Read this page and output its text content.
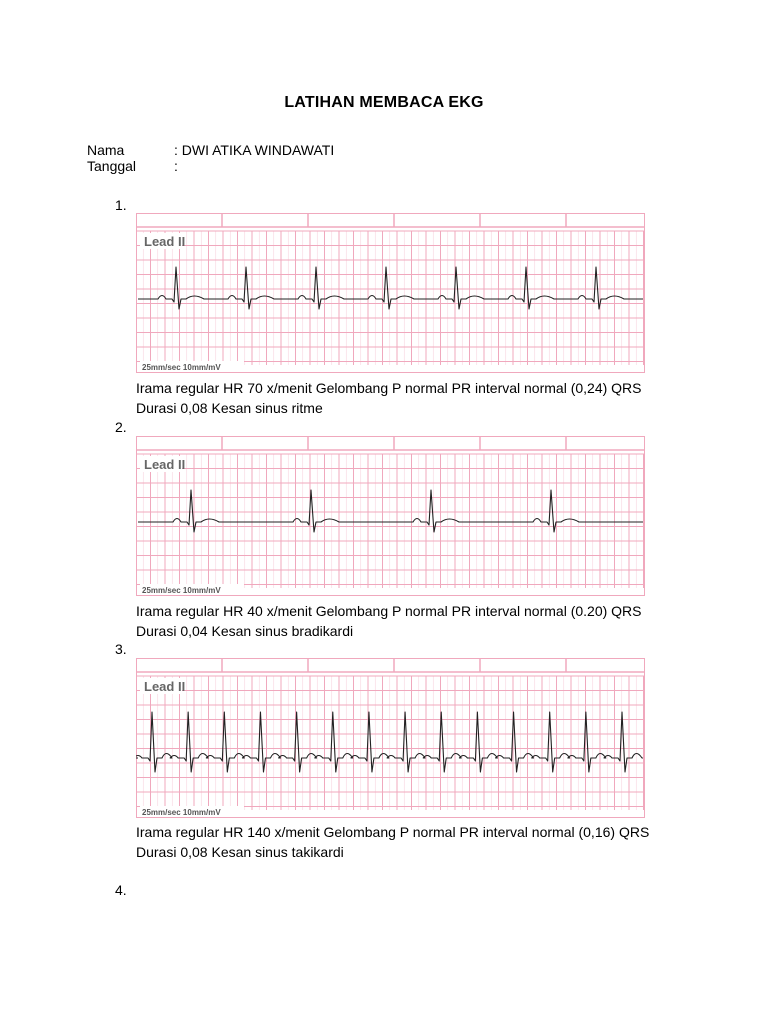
LATIHAN MEMBACA EKG
Nama	: DWI ATIKA WINDAWATI
Tanggal	:
1.
Lead II
25mm/sec 10mm/mV
Irama regular HR 70 x/menit Gelombang P normal PR interval normal (0,24) QRS
Durasi 0,08 Kesan sinus ritme
2.
Lead II
25mm/sec 10mm/mV
Irama regular HR 40 x/menit Gelombang P normal PR interval normal (0.20) QRS
Durasi 0,04 Kesan sinus bradikardi
3.
Lead II
25mm/sec 10mm/mV
Irama regular HR 140 x/menit Gelombang P normal PR interval normal (0,16) QRS
Durasi 0,08 Kesan sinus takikardi
4.
